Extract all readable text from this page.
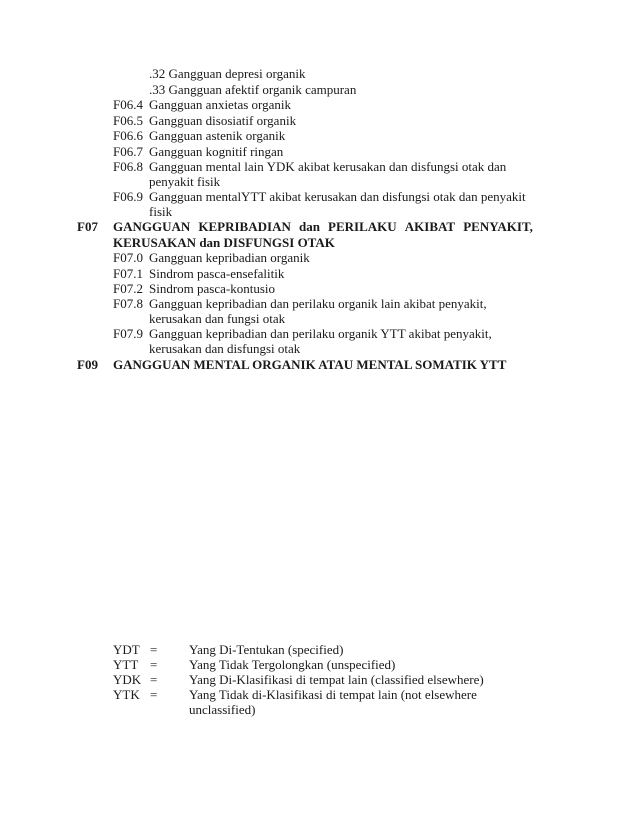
.32 Gangguan depresi organik
.33 Gangguan afektif organik campuran
F06.4 Gangguan anxietas organik
F06.5 Gangguan disosiatif organik
F06.6 Gangguan astenik organik
F06.7 Gangguan kognitif ringan
F06.8 Gangguan mental lain YDK akibat kerusakan dan disfungsi otak dan
penyakit fisik
F06.9 Gangguan mentalYTT akibat kerusakan dan disfungsi otak dan penyakit
fisik
F07 GANGGUAN KEPRIBADIAN dan PERILAKU AKIBAT PENYAKIT,
KERUSAKAN dan DISFUNGSI OTAK
F07.0 Gangguan kepribadian organik
F07.1 Sindrom pasca-ensefalitik
F07.2 Sindrom pasca-kontusio
F07.8 Gangguan kepribadian dan perilaku organik lain akibat penyakit,
kerusakan dan fungsi otak
F07.9 Gangguan kepribadian dan perilaku organik YTT akibat penyakit,
kerusakan dan disfungsi otak
F09 GANGGUAN MENTAL ORGANIK ATAU MENTAL SOMATIK YTT
YDT = Yang Di-Tentukan (specified)
YTT = Yang Tidak Tergolongkan (unspecified)
YDK = Yang Di-Klasifikasi di tempat lain (classified elsewhere)
YTK = Yang Tidak di-Klasifikasi di tempat lain (not elsewhere
unclassified)
